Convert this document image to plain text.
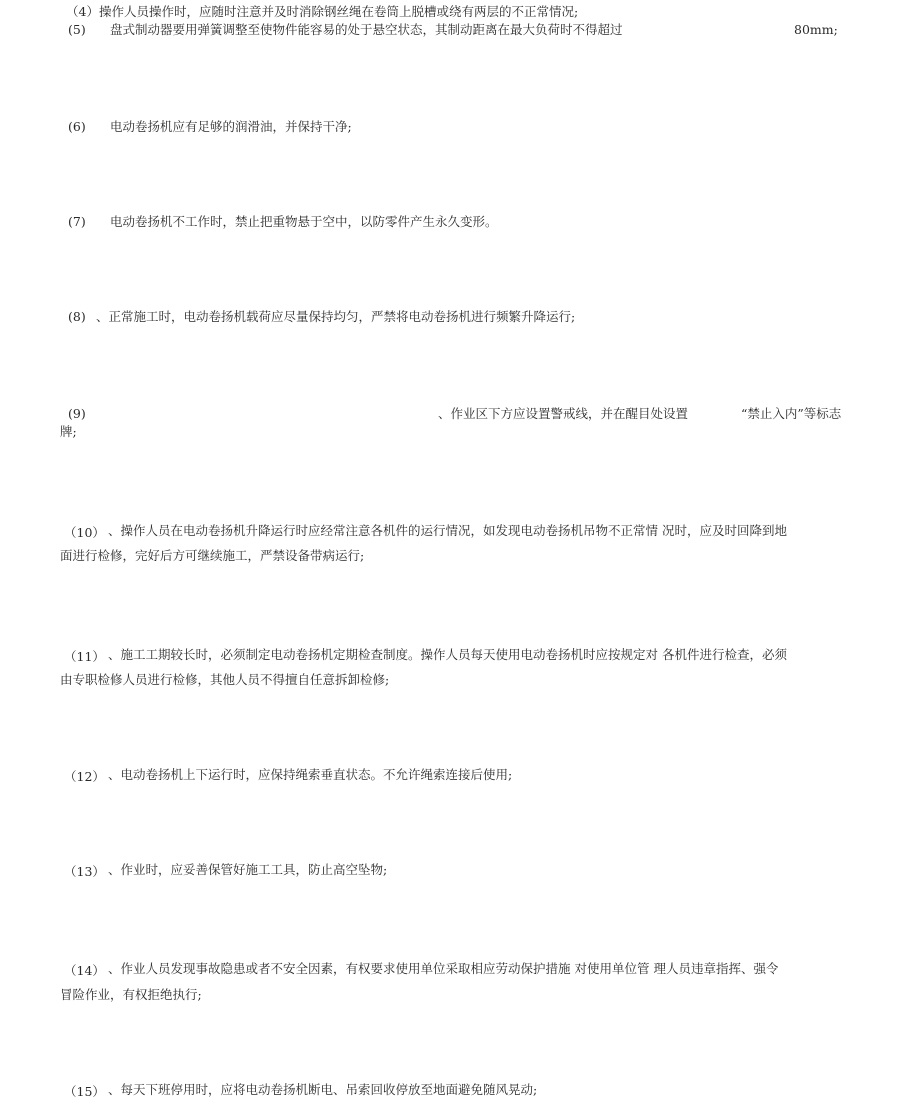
（4）操作人员操作时，应随时注意并及时消除钢丝绳在卷筒上脱槽或绕有两层的不正常情况;
(5) 盘式制动器要用弹簧调整至使物件能容易的处于悬空状态，其制动距离在最大负荷时不得超过	80mm;
(6) 电动卷扬机应有足够的润滑油，并保持干净;
(7) 电动卷扬机不工作时，禁止把重物悬于空中，以防零件产生永久变形。
(8) 、正常施工时，电动卷扬机载荷应尽量保持均匀，严禁将电动卷扬机进行频繁升降运行;
(9)	、作业区下方应设置警戒线，并在醒目处设置	“禁止入内”等标志
牌;
（10） 、操作人员在电动卷扬机升降运行时应经常注意各机件的运行情况，如发现电动卷扬机吊物不正常情 况时，应及时回降到地
面进行检修，完好后方可继续施工，严禁设备带病运行;
（11） 、施工工期较长时，必须制定电动卷扬机定期检查制度。操作人员每天使用电动卷扬机时应按规定对 各机件进行检查，必须
由专职检修人员进行检修，其他人员不得擅自任意拆卸检修;
（12） 、电动卷扬机上下运行时，应保持绳索垂直状态。不允许绳索连接后使用;
（13） 、作业时，应妥善保管好施工工具，防止高空坠物;
（14） 、作业人员发现事故隐患或者不安全因素，有权要求使用单位采取相应劳动保护措施 对使用单位管 理人员违章指挥、强令
冒险作业，有权拒绝执行;
（15） 、每天下班停用时，应将电动卷扬机断电、吊索回收停放至地面避免随风晃动;
